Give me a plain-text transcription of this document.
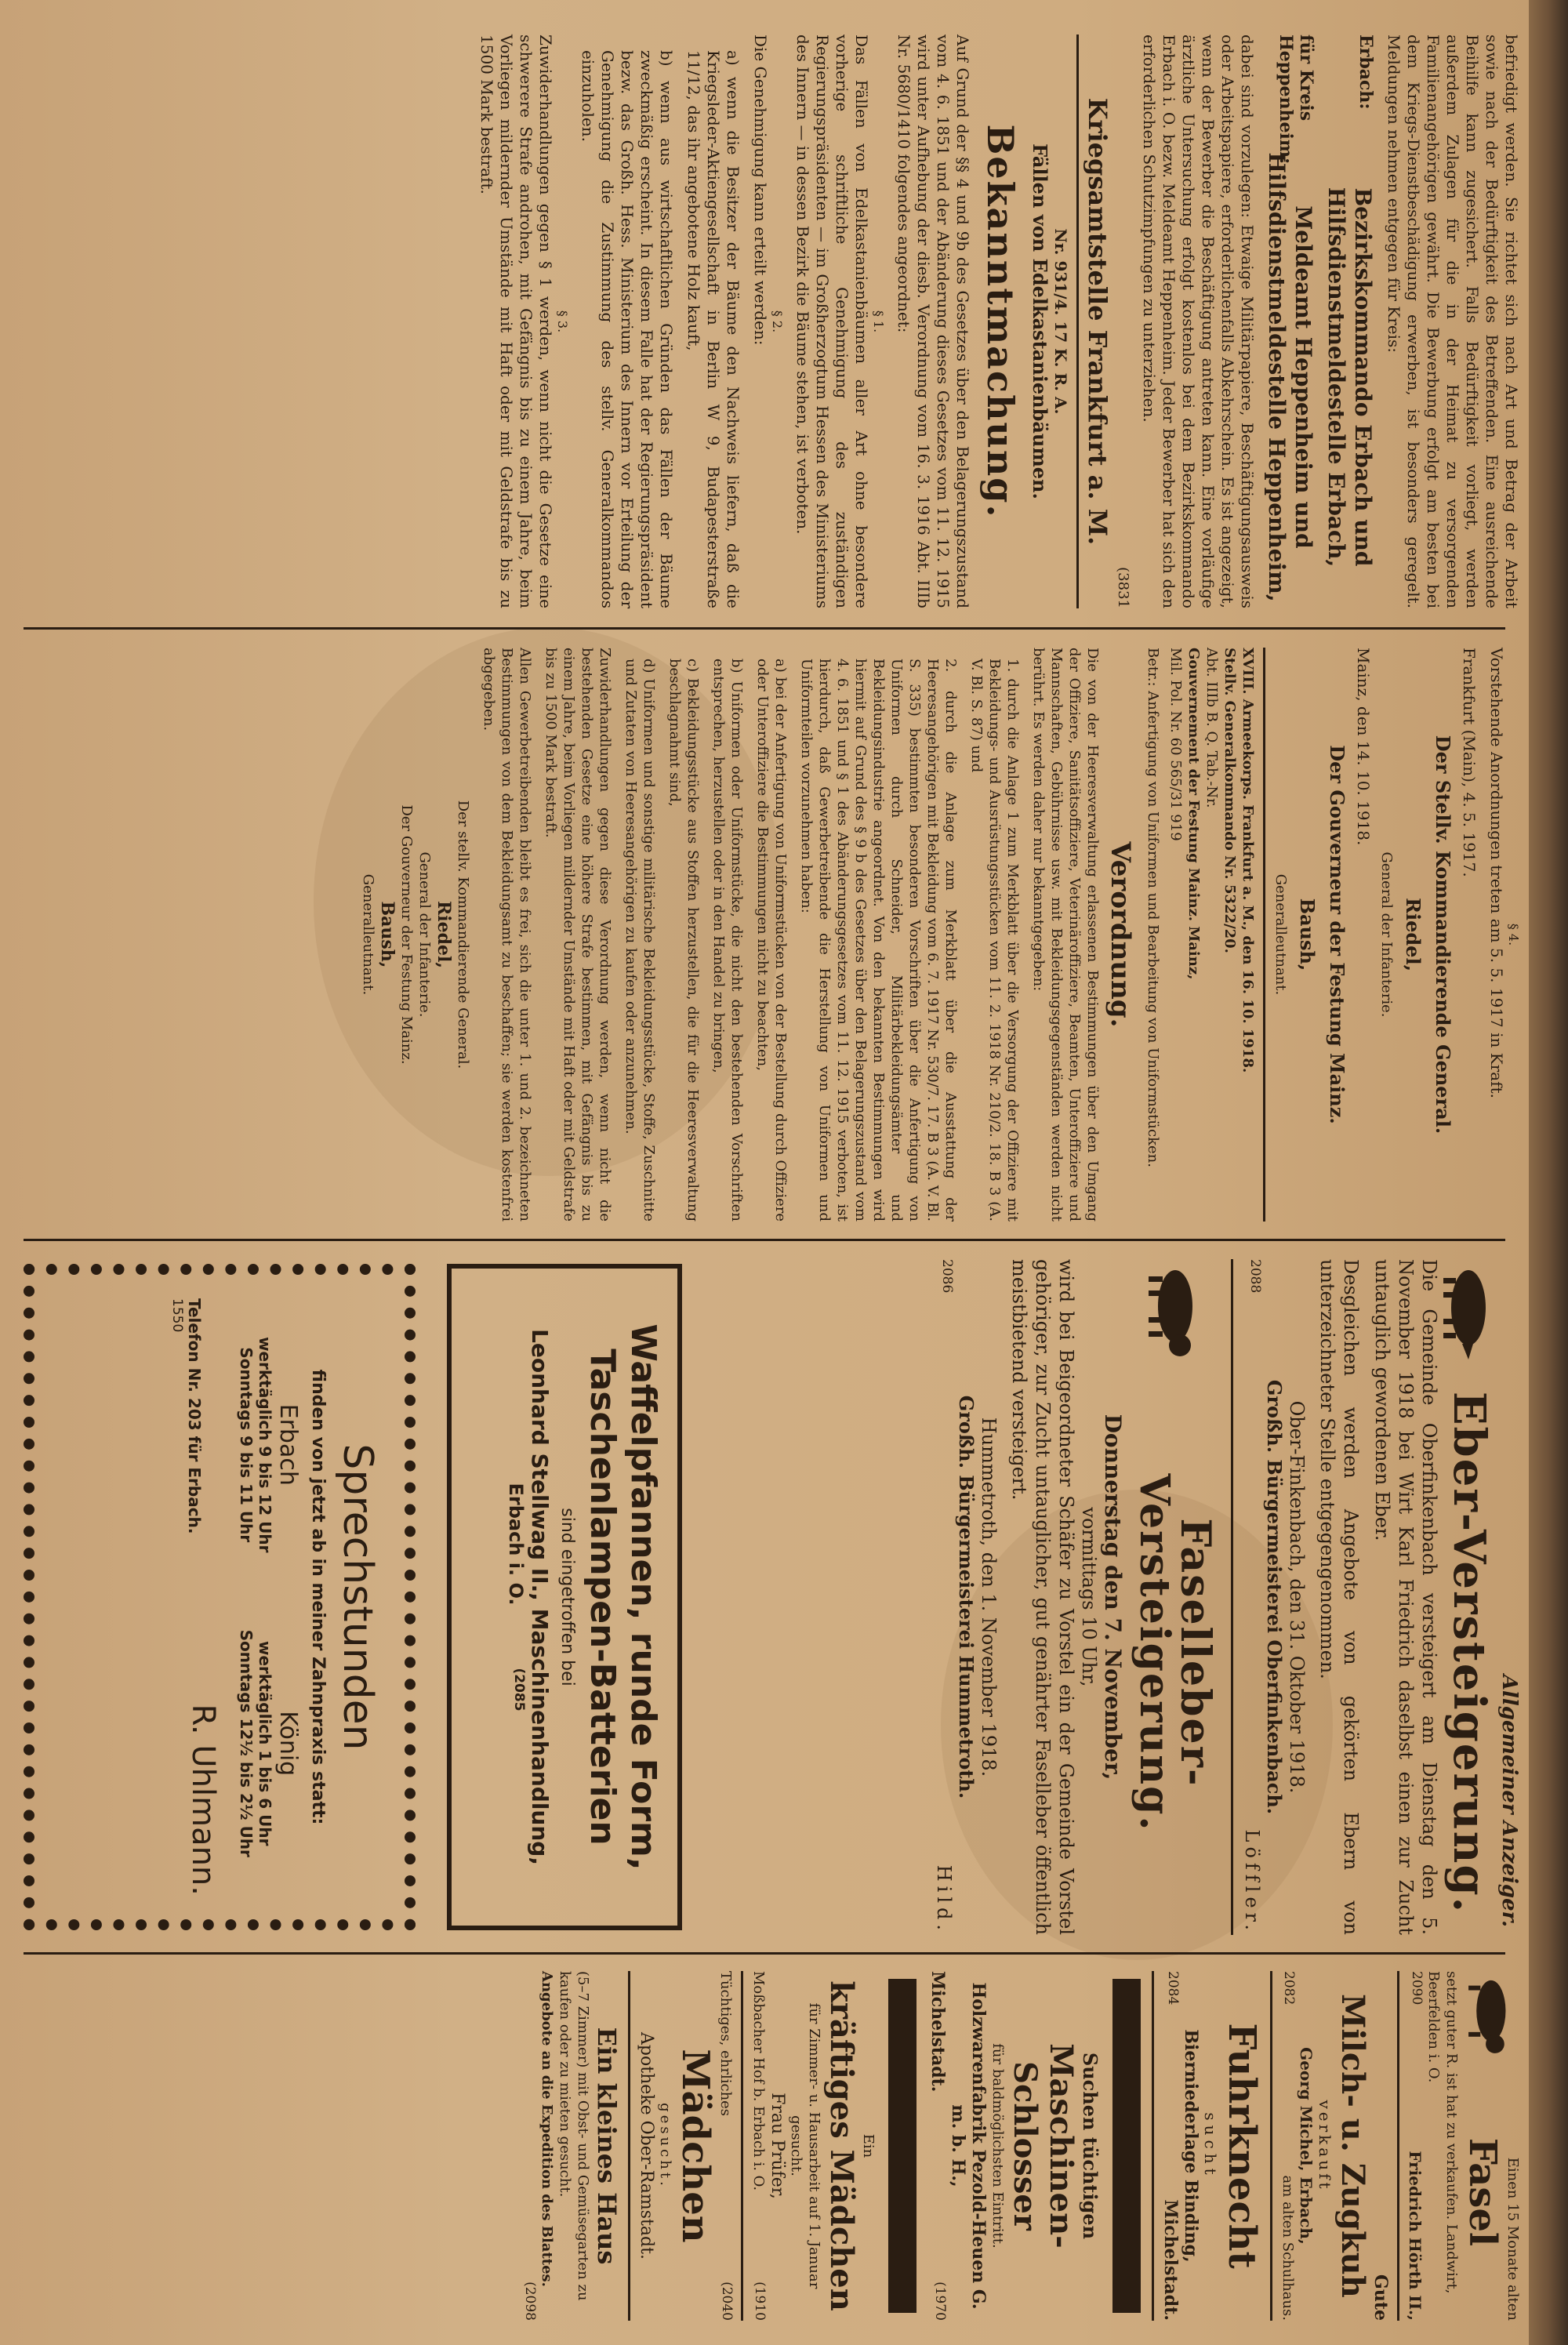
befriedigt werden. Sie richtet sich nach Art und Betrag der Arbeit sowie nach der Bedürftigkeit des Betreffenden. Eine ausreichende Beihilfe kann zugesichert. Falls Bedürftigkeit vorliegt, werden außerdem Zulagen für die in der Heimat zu versorgenden Familienangehörigen gewährt. Die Bewerbung erfolgt am besten bei dem Kriegs-Dienstbeschädigung erwerben, ist besonders geregelt. Meldungen nehmen entgegen für Kreis:

Erbach:
Bezirkskommando Erbach und Hilfsdienstmeldestelle Erbach,
für Kreis Heppenheim:
Meldeamt Heppenheim und Hilfsdienstmeldestelle Heppenheim,

dabei sind vorzulegen: Etwaige Militärpapiere, Beschäftigungsausweis oder Arbeitspapiere, erforderlichenfalls Abkehrschein. Es ist angezeigt, wenn der Bewerber die Beschäftigung antreten kann. Eine vorläufige ärztliche Untersuchung erfolgt kostenlos bei dem Bezirkskommando Erbach i. O. bezw. Meldeamt Heppenheim. Jeder Bewerber hat sich den erforderlichen Schutzimpfungen zu unterziehen.

(3831
Kriegsamtstelle Frankfurt a. M.
Nr. 931/4. 17 K. R. A.
Fällen von Edelkastanienbäumen.
Bekanntmachung.

Auf Grund der §§ 4 und 9b des Gesetzes über den Belagerungszustand vom 4. 6. 1851 und der Abänderung dieses Gesetzes vom 11. 12. 1915 wird unter Aufhebung der diesb. Verordnung vom 16. 3. 1916 Abt. IIIb Nr. 5680/1410 folgendes angeordnet:

§ 1.

Das Fällen von Edelkastanienbäumen aller Art ohne besondere vorherige schriftliche Genehmigung des zuständigen Regierungspräsidenten — im Großherzogtum Hessen des Ministeriums des Innern — in dessen Bezirk die Bäume stehen, ist verboten.

§ 2.

Die Genehmigung kann erteilt werden:

a) wenn die Besitzer der Bäume den Nachweis liefern, daß die Kriegsleder-Aktiengesellschaft in Berlin W 9, Budapesterstraße 11/12, das ihr angebotene Holz kauft,

b) wenn aus wirtschaftlichen Gründen das Fällen der Bäume zweckmäßig erscheint. In diesem Falle hat der Regierungspräsident bezw. das Großh. Hess. Ministerium des Innern vor Erteilung der Genehmigung die Zustimmung des stellv. Generalkommandos einzuholen.

§ 3.

Zuwiderhandlungen gegen § 1 werden, wenn nicht die Gesetze eine schwerere Strafe androhen, mit Gefängnis bis zu einem Jahre, beim Vorliegen mildernder Umstände mit Haft oder mit Geldstrafe bis zu 1500 Mark bestraft.

§ 4.

Vorstehende Anordnungen treten am 5. 5. 1917 in Kraft.

Frankfurt (Main), 4. 5. 1917.
Der Stellv. Kommandierende General.
Riedel,
General der Infanterie.
Mainz, den 14. 10. 1918.
Der Gouverneur der Festung Mainz.
Baush,
Generalleutnant.
XVIII. Armeekorps. Frankfurt a. M., den 16. 10. 1918.
Stellv. Generalkommando Nr. 5322/20.
Abt. IIIb B. Q. Tab.-Nr.
Gouvernement der Festung Mainz. Mainz,
Mil. Pol. Nr. 60 565/31 919

Betr.: Anfertigung von Uniformen und Bearbeitung von Uniformstücken.

Verordnung.

Die von der Heeresverwaltung erlassenen Bestimmungen über den Umgang der Offiziere, Sanitätsoffiziere, Veterinäroffiziere, Beamten, Unteroffiziere und Mannschaften, Gebührnisse usw. mit Bekleidungsgegenständen werden nicht berührt. Es werden daher nur bekanntgegeben:

1. durch die Anlage 1 zum Merkblatt über die Versorgung der Offiziere mit Bekleidungs- und Ausrüstungsstücken vom 11. 2. 1918 Nr. 210/2. 18. B 3 (A. V. Bl. S. 87) und

2. durch die Anlage zum Merkblatt über die Ausstattung der Heeresangehörigen mit Bekleidung vom 6. 7. 1917 Nr. 530/7. 17. B 3 (A. V. Bl. S. 335) bestimmten besonderen Vorschriften über die Anfertigung von Uniformen durch Schneider, Militärbekleidungsämter und Bekleidungsindustrie angeordnet. Von den bekannten Bestimmungen wird hiermit auf Grund des § 9 b des Gesetzes über den Belagerungszustand vom 4. 6. 1851 und § 1 des Abänderungsgesetzes vom 11. 12. 1915 verboten, ist hierdurch, daß Gewerbetreibende die Herstellung von Uniformen und Uniformteilen vorzunehmen haben:

a) bei der Anfertigung von Uniformstücken von der Bestellung durch Offiziere oder Unteroffiziere die Bestimmungen nicht zu beachten,

b) Uniformen oder Uniformstücke, die nicht den bestehenden Vorschriften entsprechen, herzustellen oder in den Handel zu bringen,

c) Bekleidungsstücke aus Stoffen herzustellen, die für die Heeresverwaltung beschlagnahmt sind,

d) Uniformen und sonstige militärische Bekleidungsstücke, Stoffe, Zuschnitte und Zutaten von Heeresangehörigen zu kaufen oder anzunehmen.

Zuwiderhandlungen gegen diese Verordnung werden, wenn nicht die bestehenden Gesetze eine höhere Strafe bestimmen, mit Gefängnis bis zu einem Jahre, beim Vorliegen mildernder Umstände mit Haft oder mit Geldstrafe bis zu 1500 Mark bestraft.

Allen Gewerbetreibenden bleibt es frei, sich die unter 1. und 2. bezeichneten Bestimmungen von dem Bekleidungsamt zu beschaffen; sie werden kostenfrei abgegeben.

Der stellv. Kommandierende General.
Riedel,
General der Infanterie.
Der Gouverneur der Festung Mainz.
Baush,
Generalleutnant.
Allgemeiner Anzeiger.
Eber-Versteigerung.

Die Gemeinde Oberfinkenbach versteigert am Dienstag den 5. November 1918 bei Wirt Karl Friedrich daselbst einen zur Zucht untauglich gewordenen Eber.

Desgleichen werden Angebote von gekörten Ebern von unterzeichneter Stelle entgegengenommen.

Ober-Finkenbach, den 31. Oktober 1918.
Großh. Bürgermeisterei Oberfinkenbach.
2088
Löffler.
Faselleber-Versteigerung.
Donnerstag den 7. November,
vormittags 10 Uhr,

wird bei Beigeordneter Schäfer zu Vorstel ein der Gemeinde Vorstel gehöriger, zur Zucht untauglicher, gut genährter Faselleber öffentlich meistbietend versteigert.

Hummetroth, den 1. November 1918.
Großh. Bürgermeisterei Hummetroth.
2086
Hild.
Waffelpfannen, runde Form,
Taschenlampen-Batterien
sind eingetroffen bei
Leonhard Stellwag II., Maschinenhandlung,
Erbach i. O.
(2085
Sprechstunden
finden von jetzt ab in meiner Zahnpraxis statt:
Erbach
werktäglich 9 bis 12 Uhr
Sonntags 9 bis 11 Uhr
König
werktäglich 1 bis 6 Uhr
Sonntags 12½ bis 2½ Uhr
Telefon Nr. 203 für Erbach.
R. Uhlmann.
1550
Einen 15 Monate alten
Fasel
setzt guter R. ist hat zu verkaufen. Landwirt, Beerfelden i. O.
2090
Friedrich Hörth II.,
Gute
Milch- u. Zugkuh
verkauft
Georg Michel, Erbach,
2082
am alten Schulhaus.
Fuhrknecht
sucht
Bierniederlage Binding,
2084
Michelstadt.
Suchen tüchtigen
Maschinen-Schlosser
für baldmöglichsten Eintritt.
Holzwarenfabrik Pezold-Heuen G. m. b. H.,
Michelstadt.
(1970
Ein
kräftiges Mädchen
für Zimmer- u. Hausarbeit auf 1. Januar gesucht.
Frau Prüfer,
Moßbacher Hof b. Erbach i. O.
(1910
Tüchtiges, ehrliches
(2040
Mädchen
gesucht.
Apotheke Ober-Ramstadt.
Ein kleines Haus
(5–7 Zimmer) mit Obst- und Gemüsegarten zu kaufen oder zu mieten gesucht.
Angebote an die Expedition des Blattes.
(2098
